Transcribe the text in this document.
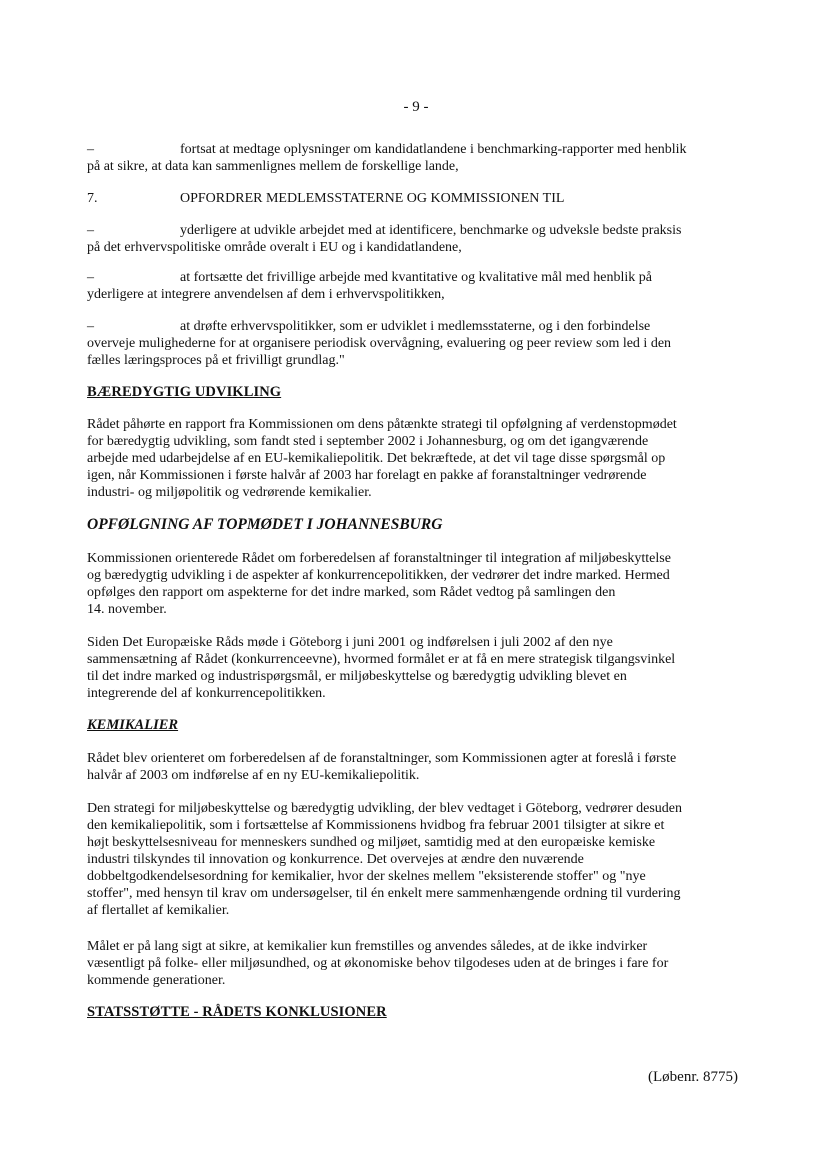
- 9 -
–	fortsat at medtage oplysninger om kandidatlandene i benchmarking-rapporter med henblik
på at sikre, at data kan sammenlignes mellem de forskellige lande,
7.	OPFORDRER MEDLEMSSTATERNE OG KOMMISSIONEN TIL
–	yderligere at udvikle arbejdet med at identificere, benchmarke og udveksle bedste praksis
på det erhvervspolitiske område overalt i EU og i kandidatlandene,
–	at fortsætte det frivillige arbejde med kvantitative og kvalitative mål med henblik på
yderligere at integrere anvendelsen af dem i erhvervspolitikken,
–	at drøfte erhvervspolitikker, som er udviklet i medlemsstaterne, og i den forbindelse
overveje mulighederne for at organisere periodisk overvågning, evaluering og peer review som led i den
fælles læringsproces på et frivilligt grundlag."
BÆREDYGTIG UDVIKLING
Rådet påhørte en rapport fra Kommissionen om dens påtænkte strategi til opfølgning af verdenstopmødet
for bæredygtig udvikling, som fandt sted i september 2002 i Johannesburg, og om det igangværende
arbejde med udarbejdelse af en EU-kemikaliepolitik. Det bekræftede, at det vil tage disse spørgsmål op
igen, når Kommissionen i første halvår af 2003 har forelagt en pakke af foranstaltninger vedrørende
industri- og miljøpolitik og vedrørende kemikalier.
OPFØLGNING AF TOPMØDET I JOHANNESBURG
Kommissionen orienterede Rådet om forberedelsen af foranstaltninger til integration af miljøbeskyttelse
og bæredygtig udvikling i de aspekter af konkurrencepolitikken, der vedrører det indre marked. Hermed
opfølges den rapport om aspekterne for det indre marked, som Rådet vedtog på samlingen den
14. november.
Siden Det Europæiske Råds møde i Göteborg i juni 2001 og indførelsen i juli 2002 af den nye
sammensætning af Rådet (konkurrenceevne), hvormed formålet er at få en mere strategisk tilgangsvinkel
til det indre marked og industrispørgsmål, er miljøbeskyttelse og bæredygtig udvikling blevet en
integrerende del af konkurrencepolitikken.
KEMIKALIER
Rådet blev orienteret om forberedelsen af de foranstaltninger, som Kommissionen agter at foreslå i første
halvår af 2003 om indførelse af en ny EU-kemikaliepolitik.
Den strategi for miljøbeskyttelse og bæredygtig udvikling, der blev vedtaget i Göteborg, vedrører desuden
den kemikaliepolitik, som i fortsættelse af Kommissionens hvidbog fra februar 2001 tilsigter at sikre et
højt beskyttelsesniveau for menneskers sundhed og miljøet, samtidig med at den europæiske kemiske
industri tilskyndes til innovation og konkurrence. Det overvejes at ændre den nuværende
dobbeltgodkendelsesordning for kemikalier, hvor der skelnes mellem "eksisterende stoffer" og "nye
stoffer", med hensyn til krav om undersøgelser, til én enkelt mere sammenhængende ordning til vurdering
af flertallet af kemikalier.
Målet er på lang sigt at sikre, at kemikalier kun fremstilles og anvendes således, at de ikke indvirker
væsentligt på folke- eller miljøsundhed, og at økonomiske behov tilgodeses uden at de bringes i fare for
kommende generationer.
STATSSTØTTE - RÅDETS KONKLUSIONER
(Løbenr. 8775)
